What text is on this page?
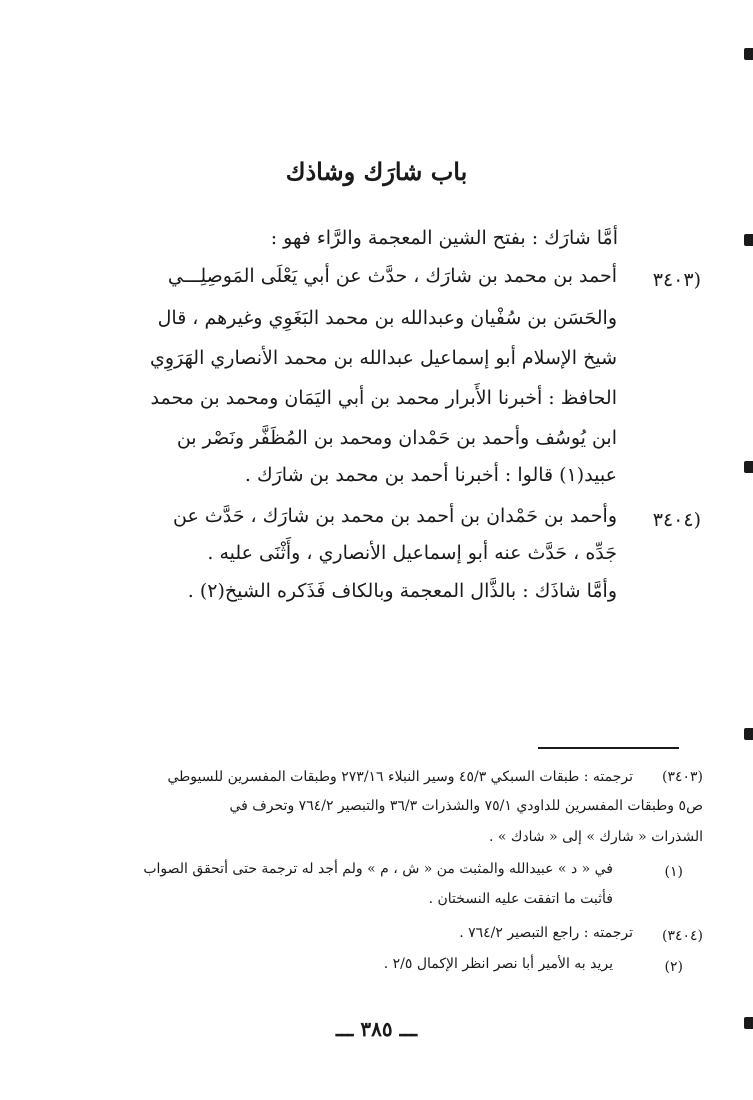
باب شارَك وشاذك
أمَّا شارَك : بفتح الشين المعجمة والرَّاء فهو :
(٣٤٠٣
أحمد بن محمد بن شارَك ، حدَّث عن أبي يَعْلَى المَوصِلِـــي
والحَسَن بن سُفْيان وعبدالله بن محمد البَغَوِي وغيرهم ، قال
شيخ الإسلام أبو إسماعيل عبدالله بن محمد الأنصاري الهَرَوِي
الحافظ : أخبرنا الأَبرار محمد بن أبي اليَمَان ومحمد بن محمد
ابن يُوسُف وأحمد بن حَمْدان ومحمد بن المُظَفَّر ونَصْر بن
عبيد(١) قالوا : أخبرنا أحمد بن محمد بن شارَك .
(٣٤٠٤
وأحمد بن حَمْدان بن أحمد بن محمد بن شارَك ، حَدَّث عن
جَدِّه ، حَدَّث عنه أبو إسماعيل الأنصاري ، وأَثْنَى عليه .
وأمَّا شاذَك : بالذَّال المعجمة وبالكاف فَذَكره الشيخ(٢) .
(٣٤٠٣)
ترجمته : طبقات السبكي ٤٥/٣ وسير النبلاء ٢٧٣/١٦ وطبقات المفسرين للسيوطي
ص٥ وطبقات المفسرين للداودي ٧٥/١ والشذرات ٣٦/٣ والتبصير ٧٦٤/٢ وتحرف في
الشذرات « شارك » إلى « شادك » .
(١)
في « د » عبيدالله والمثبت من « ش ، م » ولم أجد له ترجمة حتى أتحقق الصواب
فأثبت ما اتفقت عليه النسختان .
(٣٤٠٤)
ترجمته : راجع التبصير ٧٦٤/٢ .
(٢)
يريد به الأمير أبا نصر انظر الإكمال ٢/٥ .
ـــ ٣٨٥ ـــ
